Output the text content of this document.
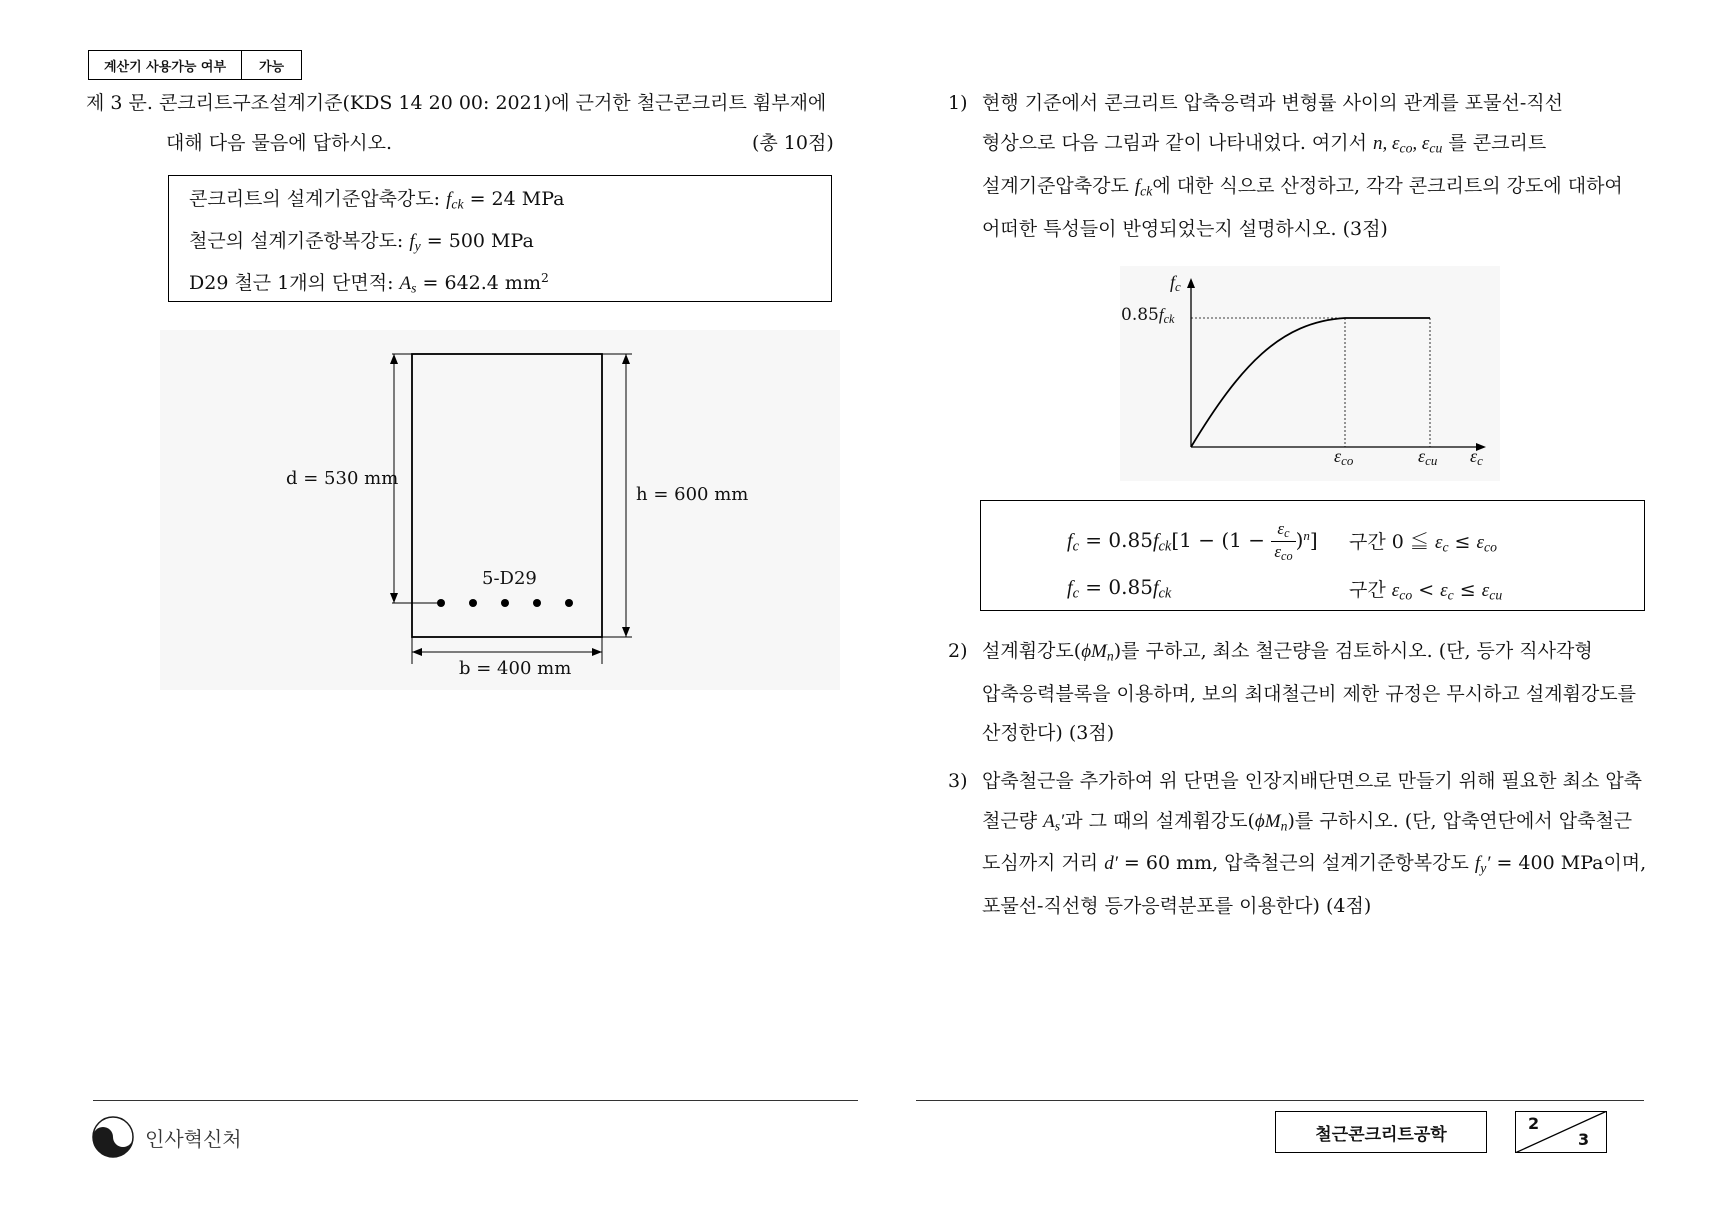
계산기 사용가능 여부	가능
제 3 문. 콘크리트구조설계기준(KDS 14 20 00: 2021)에 근거한 철근콘크리트 휨부재에
대해 다음 물음에 답하시오.	(총 10점)
콘크리트의 설계기준압축강도: $f_{ck} = 24$ MPa
철근의 설계기준항복강도: $f_y = 500$ MPa
D29 철근 1개의 단면적: $A_s = 642.4$ $mm^2$
d = 530 mm
h = 600 mm
b = 400 mm
5-D29
1) 현행 기준에서 콘크리트 압축응력과 변형률 사이의 관계를 포물선-직선
형상으로 다음 그림과 같이 나타내었다. 여기서 n, $\varepsilon_{co}$, $\varepsilon_{cu}$ 를 콘크리트
설계기준압축강도 $f_{ck}$에 대한 식으로 산정하고, 각각 콘크리트의 강도에 대하여
어떠한 특성들이 반영되었는지 설명하시오. (3점)
$f_c$
$0.85f_{ck}$
$\varepsilon_{co}$	$\varepsilon_{cu}$ $\varepsilon_c$
$f_c = 0.85f_{ck}[1 - (1 - \varepsilon_c$
$\varepsilon_{co}$
)$^n$] 구간 0 ≦ $\varepsilon_c \le \varepsilon_{co}$
$f_c = 0.85f_{ck}$	구간 $\varepsilon_{co} < \varepsilon_c \le \varepsilon_{cu}$
2) 설계휨강도$(\phi M_n)$를 구하고, 최소 철근량을 검토하시오. (단, 등가 직사각형
압축응력블록을 이용하며, 보의 최대철근비 제한 규정은 무시하고 설계휨강도를
산정한다) (3점)
3) 압축철근을 추가하여 위 단면을 인장지배단면으로 만들기 위해 필요한 최소 압축
철근량 $A_s'$과 그 때의 설계휨강도$(\phi M_n)$를 구하시오. (단, 압축연단에서 압축철근
도심까지 거리 d′ = 60 mm, 압축철근의 설계기준항복강도 $f_y' = 400$ MPa이며,
포물선-직선형 등가응력분포를 이용한다) (4점)
인사혁신처	철근콘크리트공학
2
3
